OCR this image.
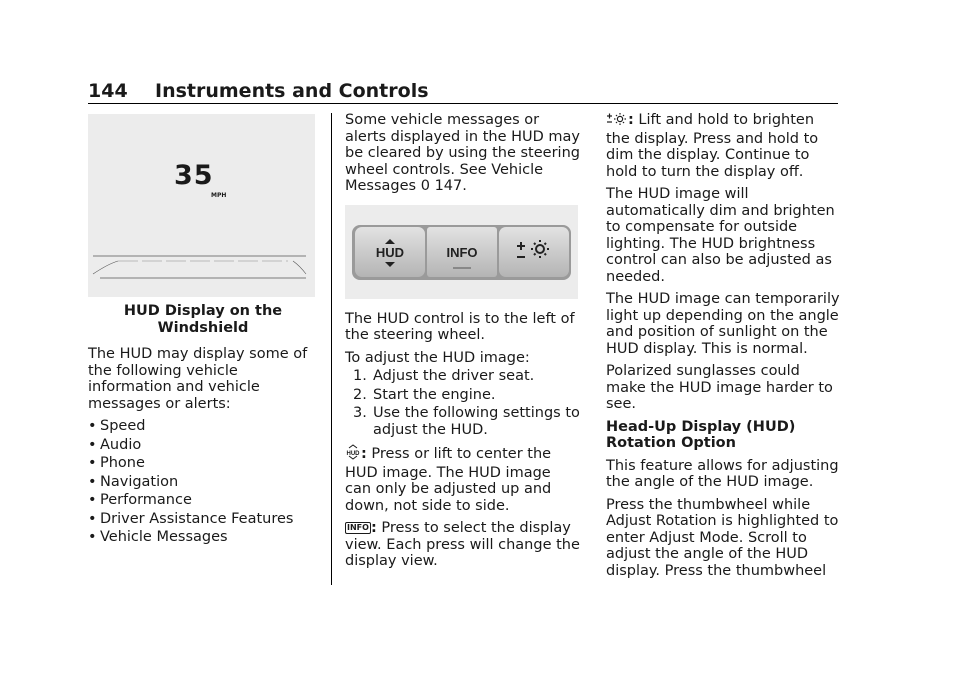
144 Instruments and Controls
35
MPH
HUD Display on the Windshield

The HUD may display some of the following vehicle information and vehicle messages or alerts:

• Speed
• Audio
• Phone
• Navigation
• Performance
• Driver Assistance Features
• Vehicle Messages

Some vehicle messages or alerts displayed in the HUD may be cleared by using the steering wheel controls. See Vehicle Messages 0 147.

HUD	INFO

The HUD control is to the left of the steering wheel.

To adjust the HUD image:

1. Adjust the driver seat.
2. Start the engine.
3. Use the following settings to adjust the HUD.

HUD : Press or lift to center the HUD image. The HUD image can only be adjusted up and down, not side to side.

INFO : Press to select the display view. Each press will change the display view.

: Lift and hold to brighten the display. Press and hold to dim the display. Continue to hold to turn the display off.

The HUD image will automatically dim and brighten to compensate for outside lighting. The HUD brightness control can also be adjusted as needed.

The HUD image can temporarily light up depending on the angle and position of sunlight on the HUD display. This is normal.

Polarized sunglasses could make the HUD image harder to see.

Head-Up Display (HUD) Rotation Option

This feature allows for adjusting the angle of the HUD image.

Press the thumbwheel while Adjust Rotation is highlighted to enter Adjust Mode. Scroll to adjust the angle of the HUD display. Press the thumbwheel
